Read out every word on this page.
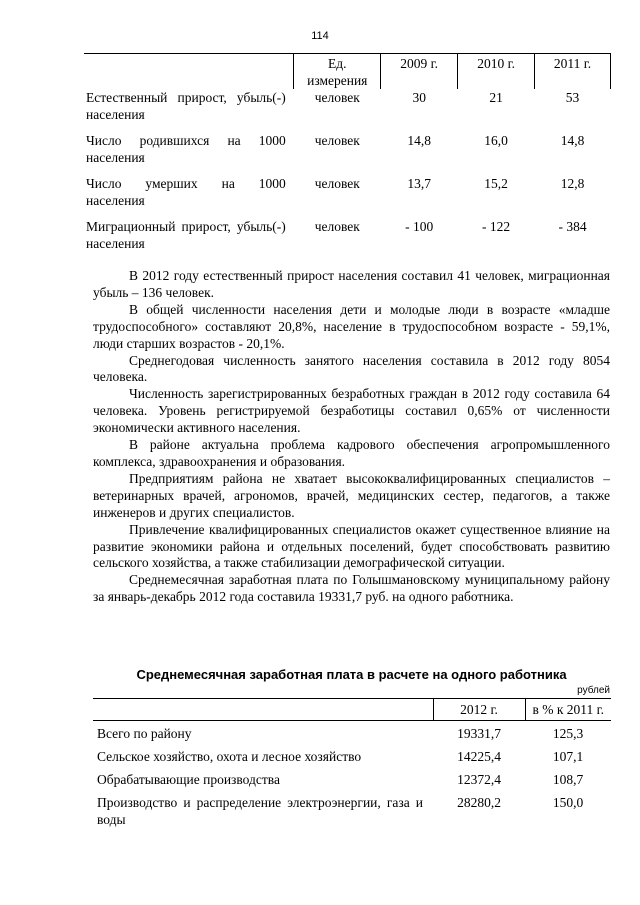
114
	Ед. измерения	2009 г.	2010 г.	2011 г.
Естественный прирост, убыль(-) населения	человек	30	21	53
Число родившихся на 1000 населения	человек	14,8	16,0	14,8
Число умерших на 1000 населения	человек	13,7	15,2	12,8
Миграционный прирост, убыль(-) населения	человек	- 100	- 122	- 384

В 2012 году естественный прирост населения составил 41 человек, миграционная убыль – 136 человек.

В общей численности населения дети и молодые люди в возрасте «младше трудоспособного» составляют 20,8%, население в трудоспособном возрасте - 59,1%, люди старших возрастов - 20,1%.

Среднегодовая численность занятого населения составила в 2012 году 8054 человека.

Численность зарегистрированных безработных граждан в 2012 году составила 64 человека. Уровень регистрируемой безработицы составил 0,65% от численности экономически активного населения.

В районе актуальна проблема кадрового обеспечения агропромышленного комплекса, здравоохранения и образования.

Предприятиям района не хватает высококвалифицированных специалистов – ветеринарных врачей, агрономов, врачей, медицинских сестер, педагогов, а также инженеров и других специалистов.

Привлечение квалифицированных специалистов окажет существенное влияние на развитие экономики района и отдельных поселений, будет способствовать развитию сельского хозяйства, а также стабилизации демографической ситуации.

Среднемесячная заработная плата по Голышмановскому муниципальному району за январь-декабрь 2012 года составила 19331,7 руб. на одного работника.

Среднемесячная заработная плата в расчете на одного работника
рублей
	2012 г.	в % к 2011 г.
Всего по району	19331,7	125,3
Сельское хозяйство, охота и лесное хозяйство	14225,4	107,1
Обрабатывающие производства	12372,4	108,7
Производство и распределение электроэнергии, газа и воды	28280,2	150,0
